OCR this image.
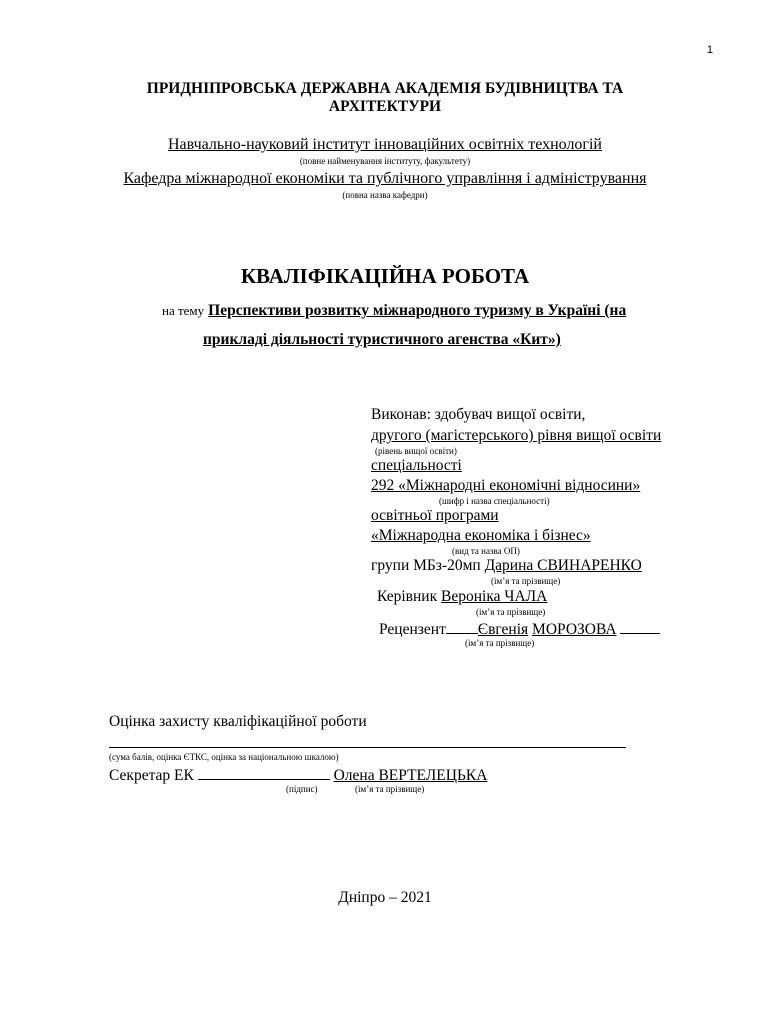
1
ПРИДНІПРОВСЬКА ДЕРЖАВНА АКАДЕМІЯ БУДІВНИЦТВА ТА
АРХІТЕКТУРИ
Навчально-науковий інститут інноваційних освітніх технологій
(повне найменування інституту, факультету)
Кафедра міжнародної економіки та публічного управління і адміністрування
(повна назва кафедри)
КВАЛІФІКАЦІЙНА РОБОТА
на тему Перспективи розвитку міжнародного туризму в Україні (на
прикладі діяльності туристичного агенства «Кит»)
Виконав: здобувач вищої освіти,
другого (магістерського) рівня вищої освіти
(рівень вищої освіти)
спеціальності
292 «Міжнародні економічні відносини»
(шифр і назва спеціальності)
освітньої програми
«Міжнародна економіка і бізнес»
(вид та назва ОП)
групи МБз-20мп Дарина СВИНАРЕНКО
(ім’я та прізвище)
Керівник Вероніка ЧАЛА
(ім’я та прізвище)
Рецензент Євгенія МОРОЗОВА
(ім’я та прізвище)
Оцінка захисту кваліфікаційної роботи
(сума балів, оцінка ЄТКС, оцінка за національною шкалою)
Секретар ЕК	Олена ВЕРТЕЛЕЦЬКА
(підпис)	(ім’я та прізвище)
Дніпро – 2021
